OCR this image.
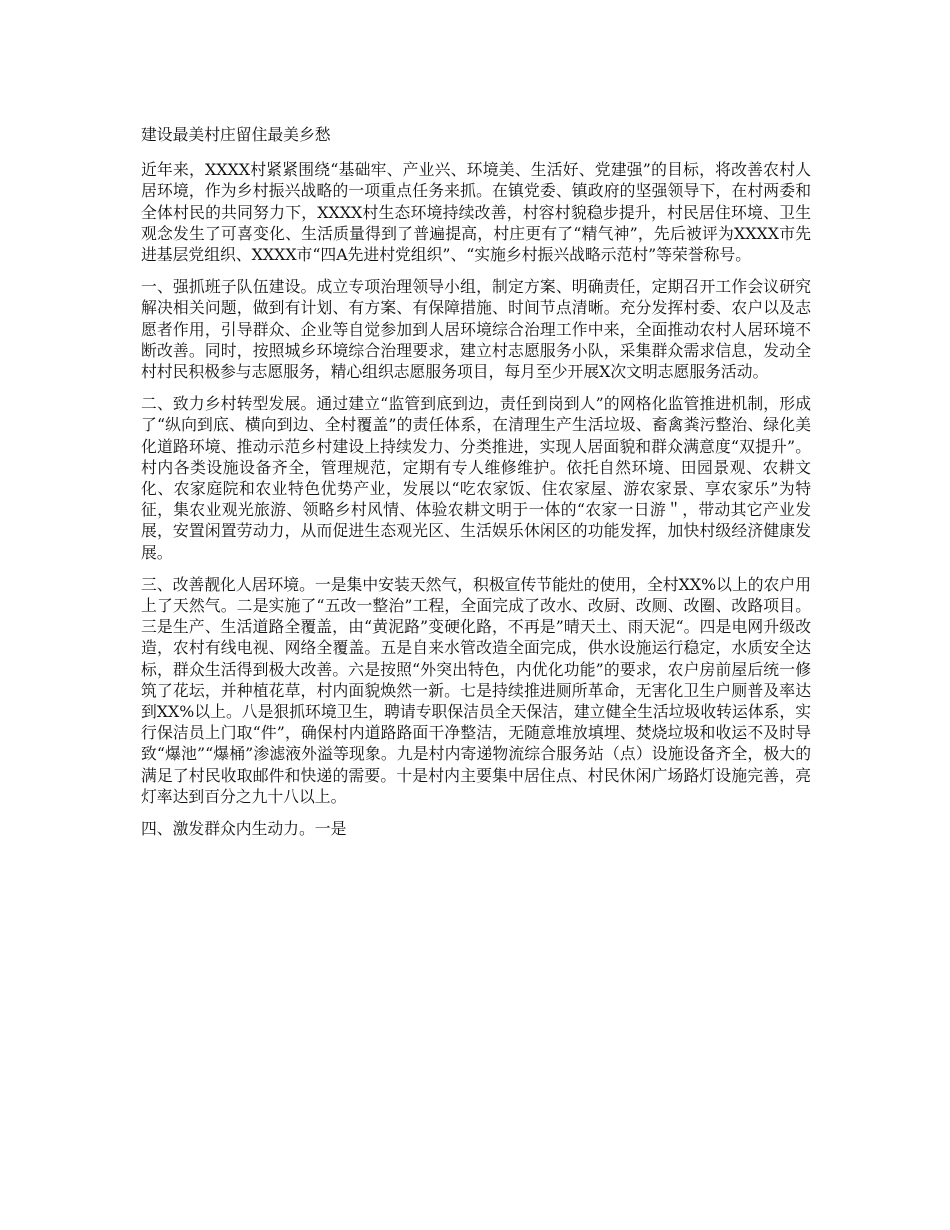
建设最美村庄留住最美乡愁

近年来，XXXX村紧紧围绕“基础牢、产业兴、环境美、生活好、党建强”的目标，将改善农村人居环境，作为乡村振兴战略的一项重点任务来抓。在镇党委、镇政府的坚强领导下，在村两委和全体村民的共同努力下，XXXX村生态环境持续改善，村容村貌稳步提升，村民居住环境、卫生观念发生了可喜变化、生活质量得到了普遍提高，村庄更有了“精气神”，先后被评为XXXX市先进基层党组织、XXXX市“四A先进村党组织”、“实施乡村振兴战略示范村”等荣誉称号。

一、强抓班子队伍建设。成立专项治理领导小组，制定方案、明确责任，定期召开工作会议研究解决相关问题，做到有计划、有方案、有保障措施、时间节点清晰。充分发挥村委、农户以及志愿者作用，引导群众、企业等自觉参加到人居环境综合治理工作中来，全面推动农村人居环境不断改善。同时，按照城乡环境综合治理要求，建立村志愿服务小队，采集群众需求信息，发动全村村民积极参与志愿服务，精心组织志愿服务项目，每月至少开展X次文明志愿服务活动。

二、致力乡村转型发展。通过建立“监管到底到边，责任到岗到人”的网格化监管推进机制，形成了“纵向到底、横向到边、全村覆盖”的责任体系，在清理生产生活垃圾、畜禽粪污整治、绿化美化道路环境、推动示范乡村建设上持续发力、分类推进，实现人居面貌和群众满意度“双提升”。村内各类设施设备齐全，管理规范，定期有专人维修维护。依托自然环境、田园景观、农耕文化、农家庭院和农业特色优势产业，发展以“吃农家饭、住农家屋、游农家景、享农家乐”为特征，集农业观光旅游、领略乡村风情、体验农耕文明于一体的“农家一日游＂，带动其它产业发展，安置闲置劳动力，从而促进生态观光区、生活娱乐休闲区的功能发挥，加快村级经济健康发展。

三、改善靓化人居环境。一是集中安装天然气，积极宣传节能灶的使用，全村XX%以上的农户用上了天然气。二是实施了“五改一整治”工程，全面完成了改水、改厨、改厕、改圈、改路项目。三是生产、生活道路全覆盖，由“黄泥路”变硬化路，不再是”晴天土、雨天泥“。四是电网升级改造，农村有线电视、网络全覆盖。五是自来水管改造全面完成，供水设施运行稳定，水质安全达标，群众生活得到极大改善。六是按照“外突出特色，内优化功能”的要求，农户房前屋后统一修筑了花坛，并种植花草，村内面貌焕然一新。七是持续推进厕所革命，无害化卫生户厕普及率达到XX%以上。八是狠抓环境卫生，聘请专职保洁员全天保洁，建立健全生活垃圾收转运体系，实行保洁员上门取“件”，确保村内道路路面干净整洁，无随意堆放填埋、焚烧垃圾和收运不及时导致“爆池”“爆桶”渗滤液外溢等现象。九是村内寄递物流综合服务站（点）设施设备齐全，极大的满足了村民收取邮件和快递的需要。十是村内主要集中居住点、村民休闲广场路灯设施完善，亮灯率达到百分之九十八以上。

四、激发群众内生动力。一是
